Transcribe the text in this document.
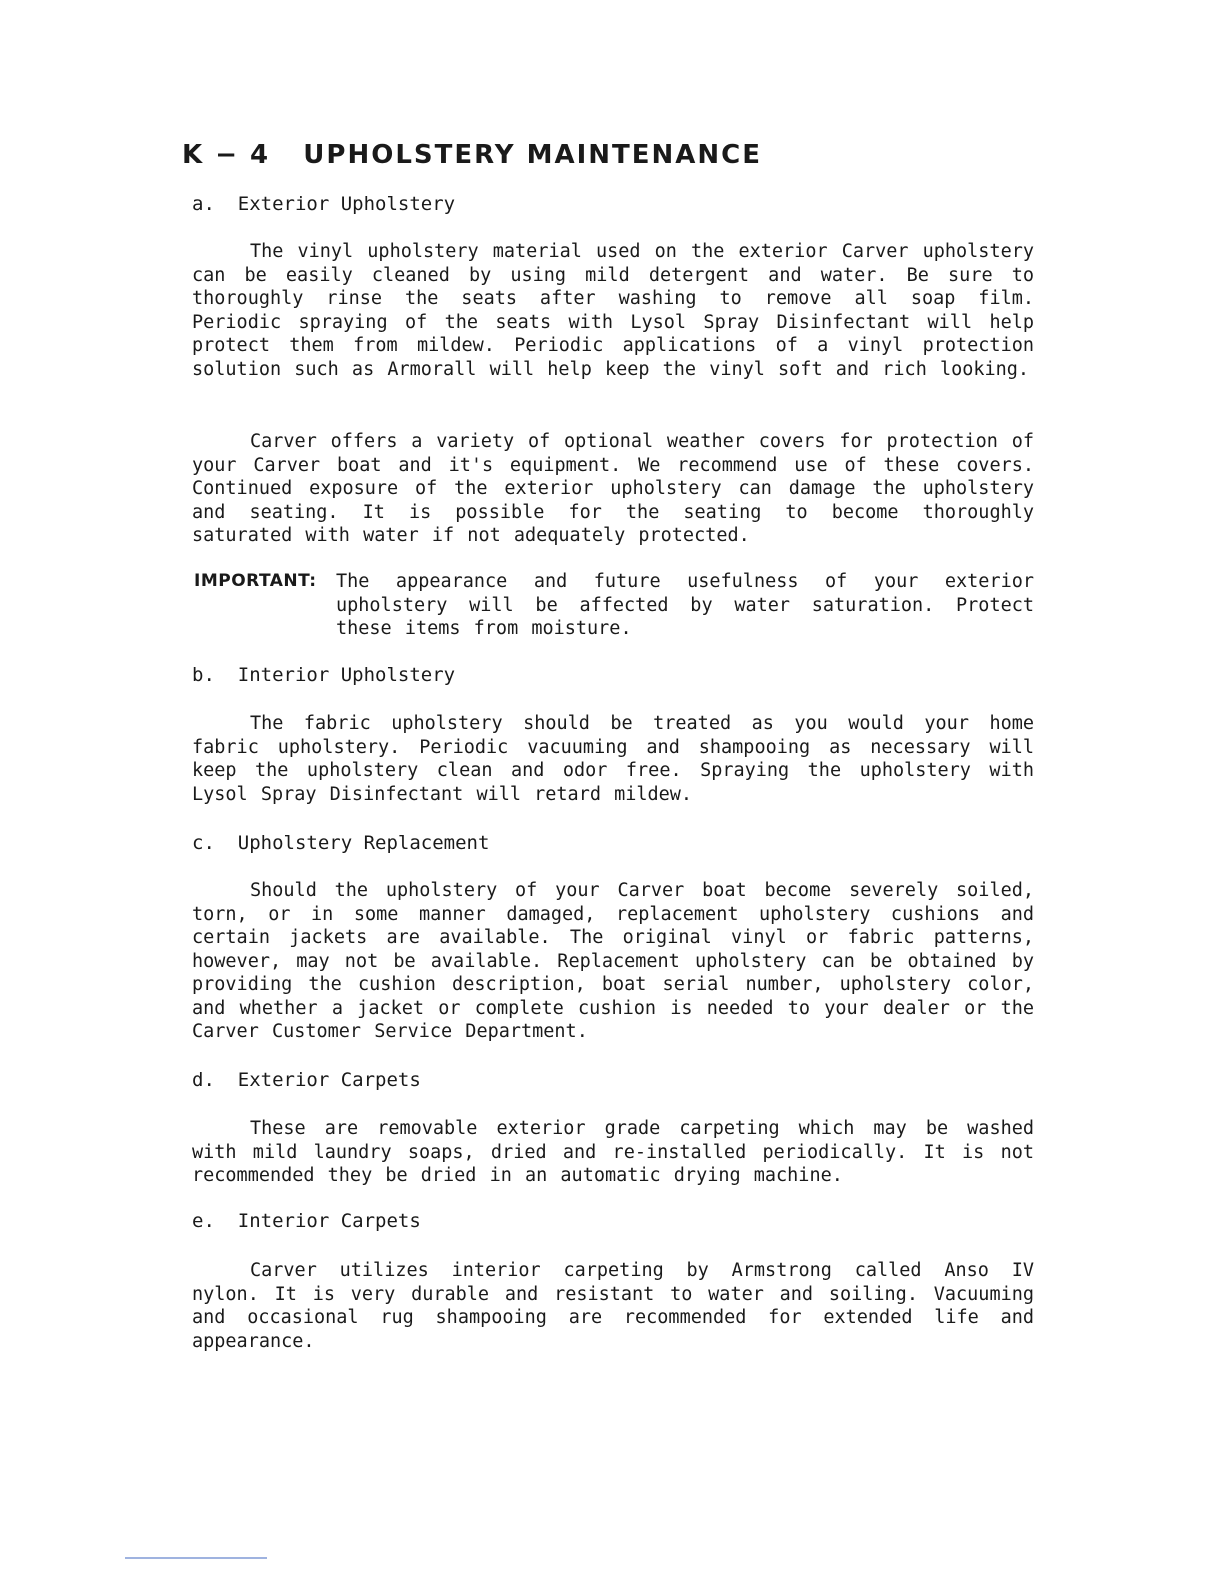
K − 4   UPHOLSTERY MAINTENANCE
a.  Exterior Upholstery

The vinyl upholstery material used on the exterior Carver upholstery can be easily cleaned by using mild detergent and water. Be sure to thoroughly rinse the seats after washing to remove all soap film. Periodic spraying of the seats with Lysol Spray Disinfectant will help protect them from mildew. Periodic applications of a vinyl protection solution such as Armorall will help keep the vinyl soft and rich looking.

Carver offers a variety of optional weather covers for protection of your Carver boat and it's equipment. We recommend use of these covers. Continued exposure of the exterior upholstery can damage the upholstery and seating. It is possible for the seating to become thoroughly saturated with water if not adequately protected.

IMPORTANT: The appearance and future usefulness of your exterior upholstery will be affected by water saturation. Protect these items from moisture.

b.  Interior Upholstery

The fabric upholstery should be treated as you would your home fabric upholstery. Periodic vacuuming and shampooing as necessary will keep the upholstery clean and odor free. Spraying the upholstery with Lysol Spray Disinfectant will retard mildew.

c.  Upholstery Replacement

Should the upholstery of your Carver boat become severely soiled, torn, or in some manner damaged, replacement upholstery cushions and certain jackets are available. The original vinyl or fabric patterns, however, may not be available. Replacement upholstery can be obtained by providing the cushion description, boat serial number, upholstery color, and whether a jacket or complete cushion is needed to your dealer or the Carver Customer Service Department.

d.  Exterior Carpets

These are removable exterior grade carpeting which may be washed with mild laundry soaps, dried and re-installed periodically. It is not recommended they be dried in an automatic drying machine.

e.  Interior Carpets

Carver utilizes interior carpeting by Armstrong called Anso IV nylon. It is very durable and resistant to water and soiling. Vacuuming and occasional rug shampooing are recommended for extended life and appearance.
